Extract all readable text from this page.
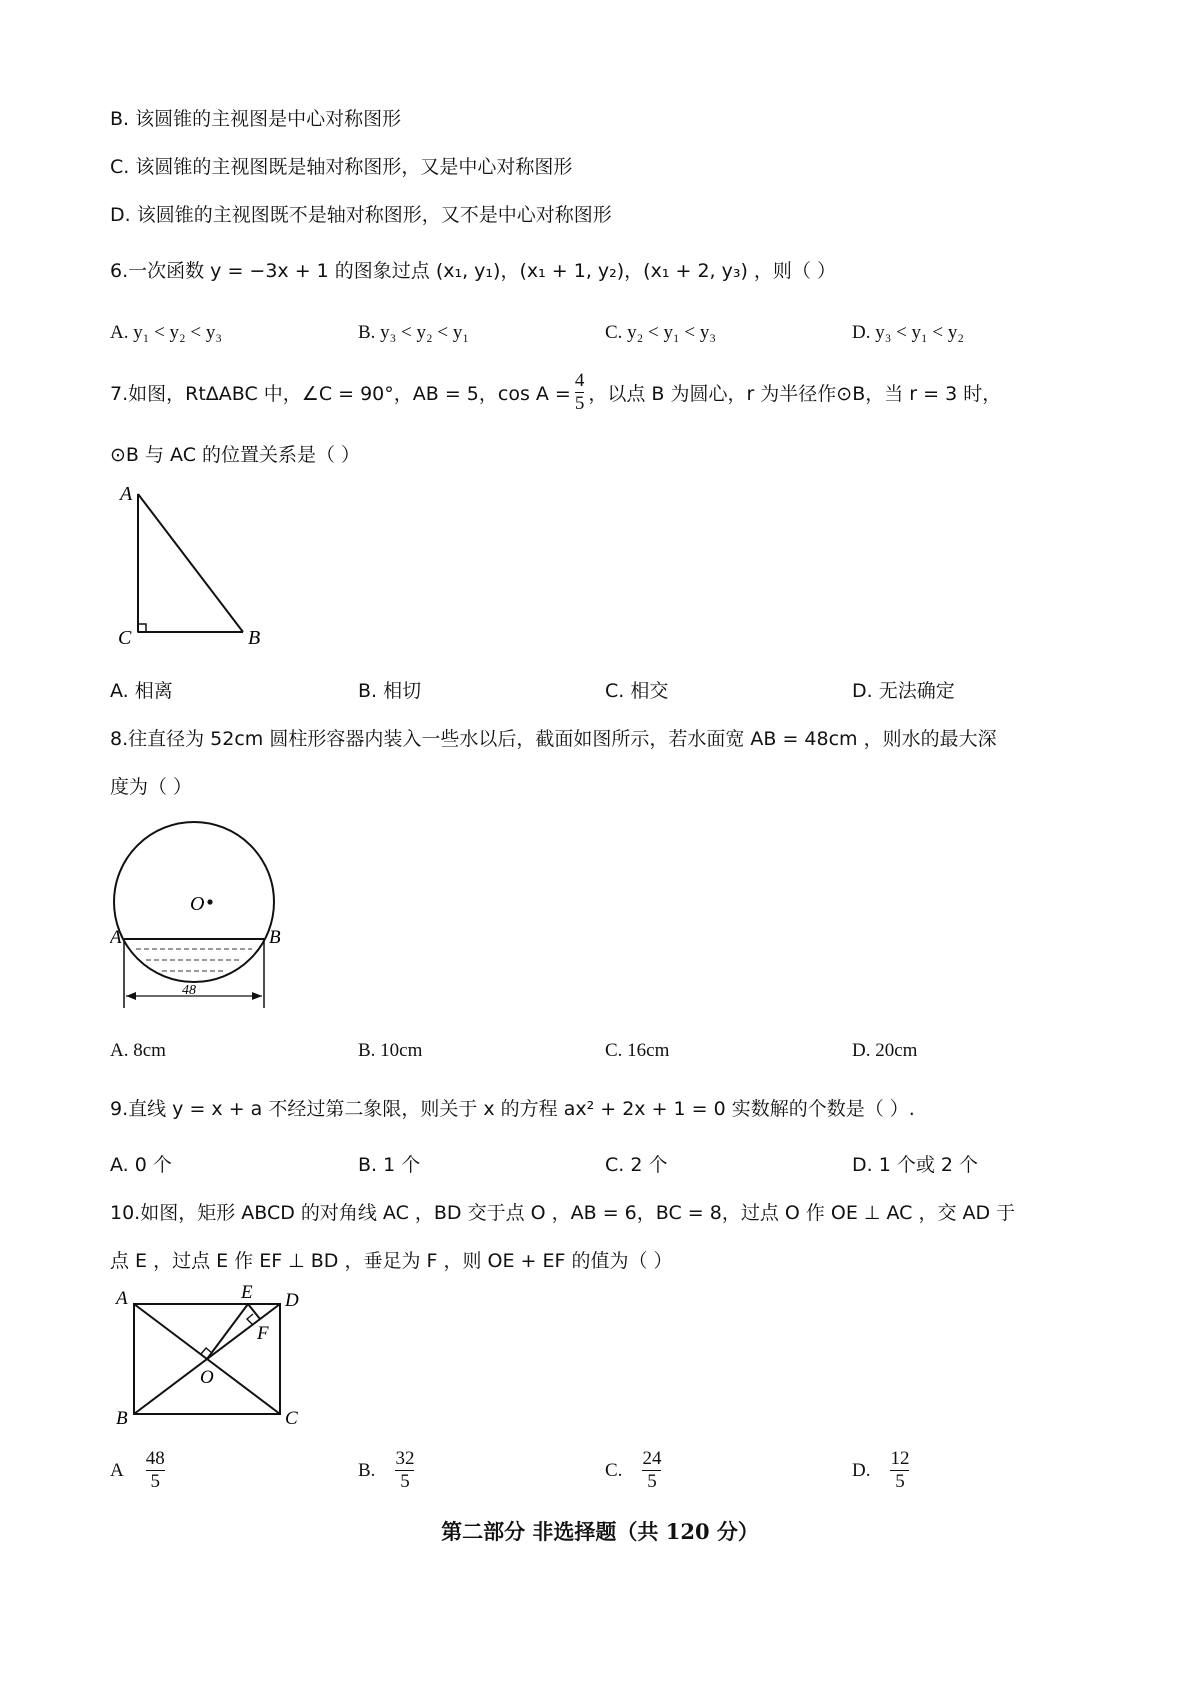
B. 该圆锥的主视图是中心对称图形
C. 该圆锥的主视图既是轴对称图形，又是中心对称图形
D. 该圆锥的主视图既不是轴对称图形，又不是中心对称图形
6.一次函数 y = −3x + 1 的图象过点 (x₁, y₁)，(x₁ + 1, y₂)，(x₁ + 2, y₃) ，则（ ）
A. y₁ < y₂ < y₃	B. y₃ < y₂ < y₁	C. y₂ < y₁ < y₃	D. y₃ < y₁ < y₂
7.如图，RtΔABC 中，∠C = 90°，AB = 5，$\cos A = \frac{4}{5}$ ，以点 B 为圆心，r 为半径作⊙B，当 r = 3 时，
⊙B 与 AC 的位置关系是（ ）
A
C	B
A. 相离	B. 相切	C. 相交	D. 无法确定
8.往直径为 52cm 圆柱形容器内装入一些水以后，截面如图所示，若水面宽 AB = 48cm ，则水的最大深
度为（ ）
O
A	B
48
A. 8cm	B. 10cm	C. 16cm	D. 20cm
9.直线 y = x + a 不经过第二象限，则关于 x 的方程 ax² + 2x + 1 = 0 实数解的个数是（ ）.
A. 0 个	B. 1 个	C. 2 个	D. 1 个或 2 个
10.如图，矩形 ABCD 的对角线 AC ，BD 交于点 O ，AB = 6，BC = 8，过点 O 作 OE ⊥ AC ，交 AD 于
点 E ，过点 E 作 EF ⊥ BD ，垂足为 F ，则 OE + EF 的值为（ ）
A
B	C
D
E
F
O
A $\frac{48}{5}$	B. $\frac{32}{5}$	C. $\frac{24}{5}$	D. $\frac{12}{5}$
第二部分 非选择题（共 120 分）
